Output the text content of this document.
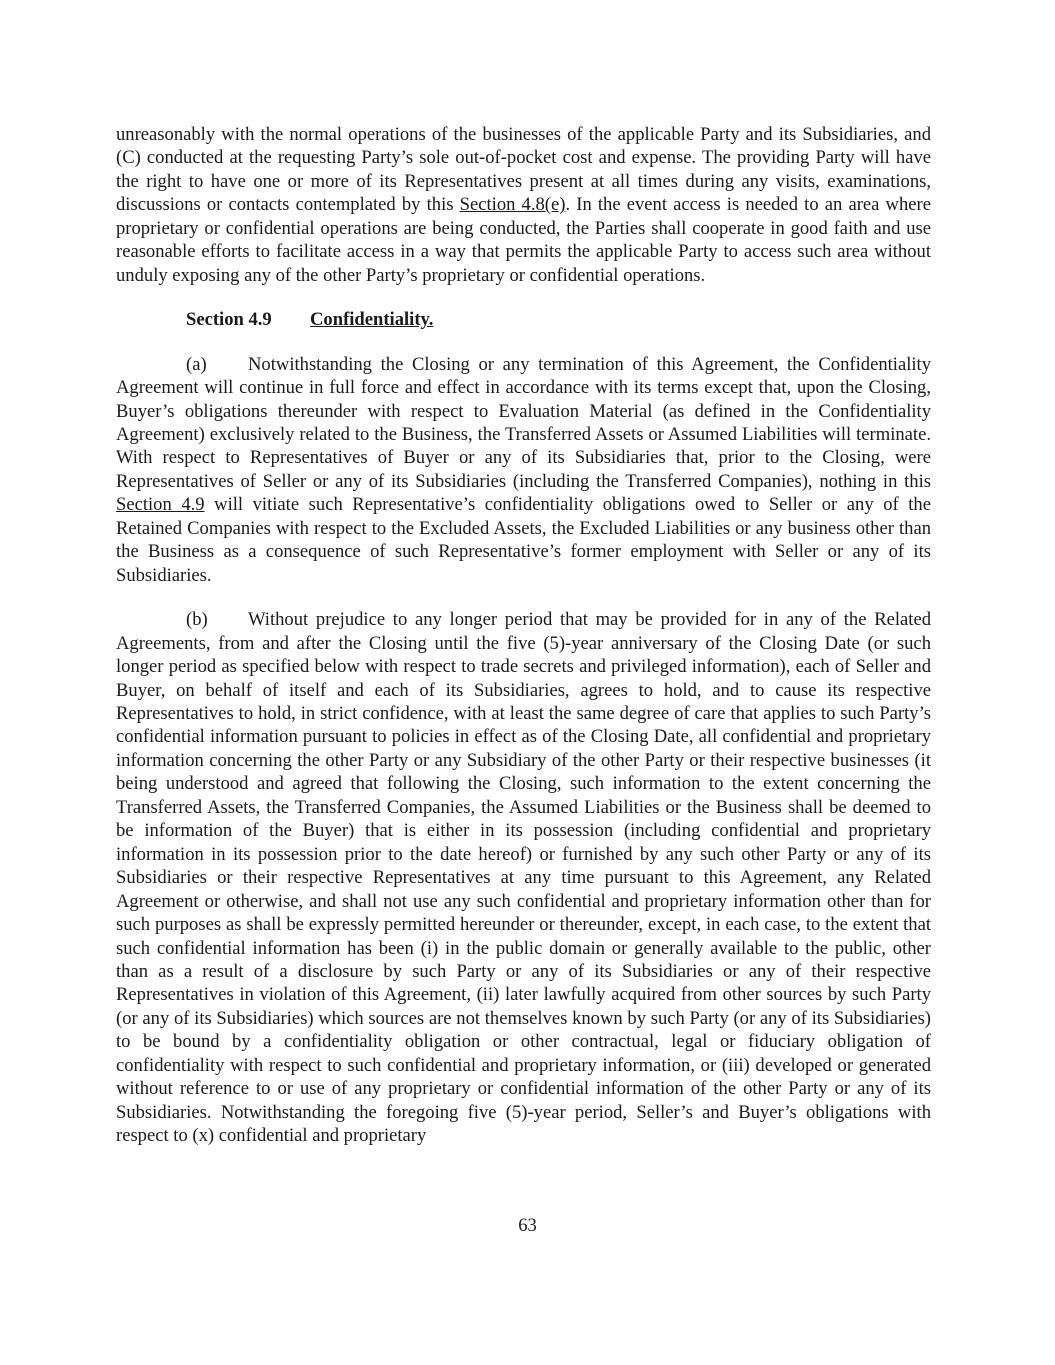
unreasonably with the normal operations of the businesses of the applicable Party and its Subsidiaries, and (C) conducted at the requesting Party’s sole out-of-pocket cost and expense. The providing Party will have the right to have one or more of its Representatives present at all times during any visits, examinations, discussions or contacts contemplated by this Section 4.8(e). In the event access is needed to an area where proprietary or confidential operations are being conducted, the Parties shall cooperate in good faith and use reasonable efforts to facilitate access in a way that permits the applicable Party to access such area without unduly exposing any of the other Party’s proprietary or confidential operations.

Section 4.9 Confidentiality.

(a) Notwithstanding the Closing or any termination of this Agreement, the Confidentiality Agreement will continue in full force and effect in accordance with its terms except that, upon the Closing, Buyer’s obligations thereunder with respect to Evaluation Material (as defined in the Confidentiality Agreement) exclusively related to the Business, the Transferred Assets or Assumed Liabilities will terminate. With respect to Representatives of Buyer or any of its Subsidiaries that, prior to the Closing, were Representatives of Seller or any of its Subsidiaries (including the Transferred Companies), nothing in this Section 4.9 will vitiate such Representative’s confidentiality obligations owed to Seller or any of the Retained Companies with respect to the Excluded Assets, the Excluded Liabilities or any business other than the Business as a consequence of such Representative’s former employment with Seller or any of its Subsidiaries.

(b) Without prejudice to any longer period that may be provided for in any of the Related Agreements, from and after the Closing until the five (5)-year anniversary of the Closing Date (or such longer period as specified below with respect to trade secrets and privileged information), each of Seller and Buyer, on behalf of itself and each of its Subsidiaries, agrees to hold, and to cause its respective Representatives to hold, in strict confidence, with at least the same degree of care that applies to such Party’s confidential information pursuant to policies in effect as of the Closing Date, all confidential and proprietary information concerning the other Party or any Subsidiary of the other Party or their respective businesses (it being understood and agreed that following the Closing, such information to the extent concerning the Transferred Assets, the Transferred Companies, the Assumed Liabilities or the Business shall be deemed to be information of the Buyer) that is either in its possession (including confidential and proprietary information in its possession prior to the date hereof) or furnished by any such other Party or any of its Subsidiaries or their respective Representatives at any time pursuant to this Agreement, any Related Agreement or otherwise, and shall not use any such confidential and proprietary information other than for such purposes as shall be expressly permitted hereunder or thereunder, except, in each case, to the extent that such confidential information has been (i) in the public domain or generally available to the public, other than as a result of a disclosure by such Party or any of its Subsidiaries or any of their respective Representatives in violation of this Agreement, (ii) later lawfully acquired from other sources by such Party (or any of its Subsidiaries) which sources are not themselves known by such Party (or any of its Subsidiaries) to be bound by a confidentiality obligation or other contractual, legal or fiduciary obligation of confidentiality with respect to such confidential and proprietary information, or (iii) developed or generated without reference to or use of any proprietary or confidential information of the other Party or any of its Subsidiaries. Notwithstanding the foregoing five (5)-year period, Seller’s and Buyer’s obligations with respect to (x) confidential and proprietary

63
